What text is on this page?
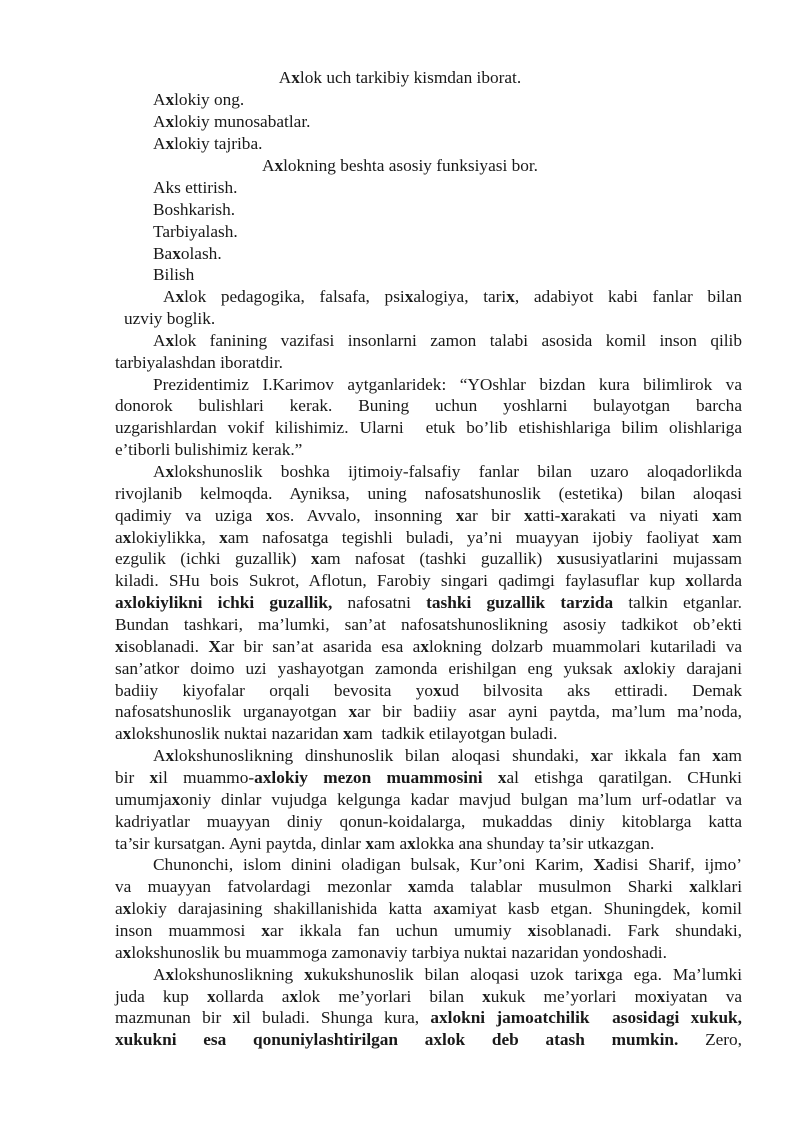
Axlok uch tarkibiy kismdan iborat.
Axlokiy ong.
Axlokiy munosabatlar.
Axlokiy tajriba.
Axlokning beshta asosiy funksiyasi bor.
Aks ettirish.
Boshkarish.
Tarbiyalash.
Baxolash.
Bilish
Axlok pedagogika, falsafa, psixalogiya, tarix, adabiyot kabi fanlar bilan
uzviy boglik.
Axlok fanining vazifasi insonlarni zamon talabi asosida komil inson qilib
tarbiyalashdan iboratdir.
Prezidentimiz I.Karimov aytganlaridek: “YOshlar bizdan kura bilimlirok va
donorok bulishlari kerak. Buning uchun yoshlarni bulayotgan barcha
uzgarishlardan vokif kilishimiz. Ularni  etuk bo’lib etishishlariga bilim olishlariga
e’tiborli bulishimiz kerak.”
Axlokshunoslik boshka ijtimoiy-falsafiy fanlar bilan uzaro aloqadorlikda
rivojlanib kelmoqda. Ayniksa, uning nafosatshunoslik (estetika) bilan aloqasi
qadimiy va uziga xos. Avvalo, insonning xar bir xatti-xarakati va niyati xam
axlokiylikka, xam nafosatga tegishli buladi, ya’ni muayyan ijobiy faoliyat xam
ezgulik (ichki guzallik) xam nafosat (tashki guzallik) xususiyatlarini mujassam
kiladi. SHu bois Sukrot, Aflotun, Farobiy singari qadimgi faylasuflar kup xollarda
axlokiylikni ichki guzallik, nafosatni tashki guzallik tarzida talkin etganlar.
Bundan tashkari, ma’lumki, san’at nafosatshunoslikning asosiy tadkikot ob’ekti
xisoblanadi. Xar bir san’at asarida esa axlokning dolzarb muammolari kutariladi va
san’atkor doimo uzi yashayotgan zamonda erishilgan eng yuksak axlokiy darajani
badiiy kiyofalar orqali bevosita yoxud bilvosita aks ettiradi. Demak
nafosatshunoslik urganayotgan xar bir badiiy asar ayni paytda, ma’lum ma’noda,
axlokshunoslik nuktai nazaridan xam  tadkik etilayotgan buladi.
Axlokshunoslikning dinshunoslik bilan aloqasi shundaki, xar ikkala fan xam
bir xil muammo-axlokiy mezon muammosini xal etishga qaratilgan. CHunki
umumjaxoniy dinlar vujudga kelgunga kadar mavjud bulgan ma’lum urf-odatlar va
kadriyatlar muayyan diniy qonun-koidalarga, mukaddas diniy kitoblarga katta
ta’sir kursatgan. Ayni paytda, dinlar xam axlokka ana shunday ta’sir utkazgan.
Chunonchi, islom dinini oladigan bulsak, Kur’oni Karim, Xadisi Sharif, ijmo’
va muayyan fatvolardagi mezonlar xamda talablar musulmon Sharki xalklari
axlokiy darajasining shakillanishida katta axamiyat kasb etgan. Shuningdek, komil
inson muammosi xar ikkala fan uchun umumiy xisoblanadi. Fark shundaki,
axlokshunoslik bu muammoga zamonaviy tarbiya nuktai nazaridan yondoshadi.
Axlokshunoslikning xukukshunoslik bilan aloqasi uzok tarixga ega. Ma’lumki
juda kup xollarda axlok me’yorlari bilan xukuk me’yorlari moxiyatan va
mazmunan bir xil buladi. Shunga kura, axlokni jamoatchilik  asosidagi xukuk,
xukukni esa qonuniylashtirilgan axlok deb atash mumkin. Zero,
